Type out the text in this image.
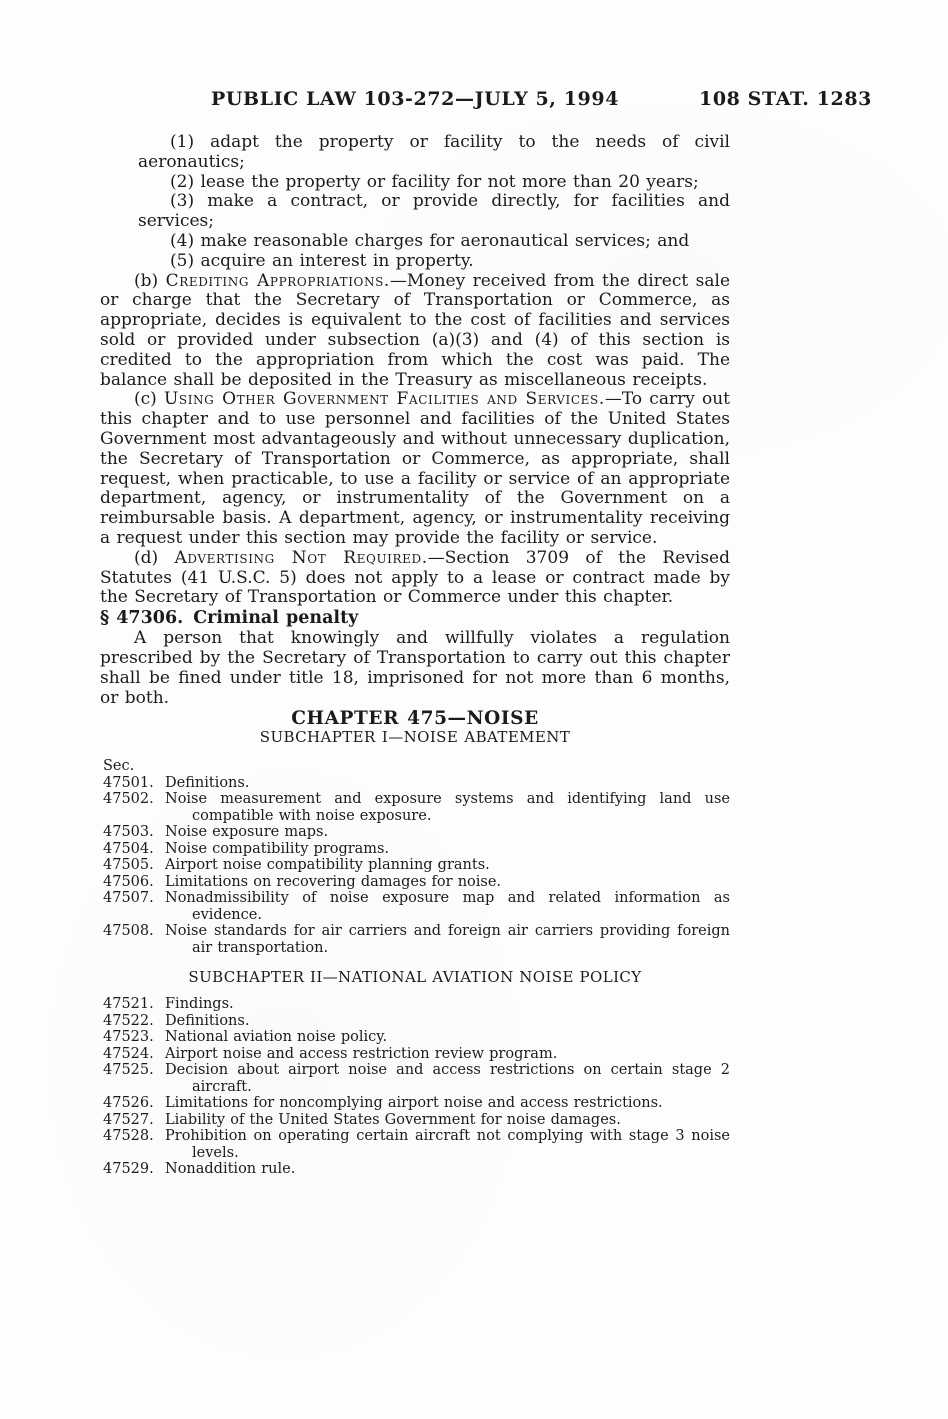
PUBLIC LAW 103-272—JULY 5, 1994	108 STAT. 1283

(1) adapt the property or facility to the needs of civil aeronautics;

(2) lease the property or facility for not more than 20 years;

(3) make a contract, or provide directly, for facilities and services;

(4) make reasonable charges for aeronautical services; and

(5) acquire an interest in property.

(b) Crediting Appropriations.—Money received from the direct sale or charge that the Secretary of Transportation or Commerce, as appropriate, decides is equivalent to the cost of facilities and services sold or provided under subsection (a)(3) and (4) of this section is credited to the appropriation from which the cost was paid. The balance shall be deposited in the Treasury as miscellaneous receipts.

(c) Using Other Government Facilities and Services.—To carry out this chapter and to use personnel and facilities of the United States Government most advantageously and without unnecessary duplication, the Secretary of Transportation or Commerce, as appropriate, shall request, when practicable, to use a facility or service of an appropriate department, agency, or instrumentality of the Government on a reimbursable basis. A department, agency, or instrumentality receiving a request under this section may provide the facility or service.

(d) Advertising Not Required.—Section 3709 of the Revised Statutes (41 U.S.C. 5) does not apply to a lease or contract made by the Secretary of Transportation or Commerce under this chapter.

§ 47306. Criminal penalty

A person that knowingly and willfully violates a regulation prescribed by the Secretary of Transportation to carry out this chapter shall be fined under title 18, imprisoned for not more than 6 months, or both.

CHAPTER 475—NOISE

SUBCHAPTER I—NOISE ABATEMENT

Sec.

47501. Definitions.

47502. Noise measurement and exposure systems and identifying land use compatible with noise exposure.

47503. Noise exposure maps.

47504. Noise compatibility programs.

47505. Airport noise compatibility planning grants.

47506. Limitations on recovering damages for noise.

47507. Nonadmissibility of noise exposure map and related information as evidence.

47508. Noise standards for air carriers and foreign air carriers providing foreign air transportation.

SUBCHAPTER II—NATIONAL AVIATION NOISE POLICY

47521. Findings.

47522. Definitions.

47523. National aviation noise policy.

47524. Airport noise and access restriction review program.

47525. Decision about airport noise and access restrictions on certain stage 2 aircraft.

47526. Limitations for noncomplying airport noise and access restrictions.

47527. Liability of the United States Government for noise damages.

47528. Prohibition on operating certain aircraft not complying with stage 3 noise levels.

47529. Nonaddition rule.
